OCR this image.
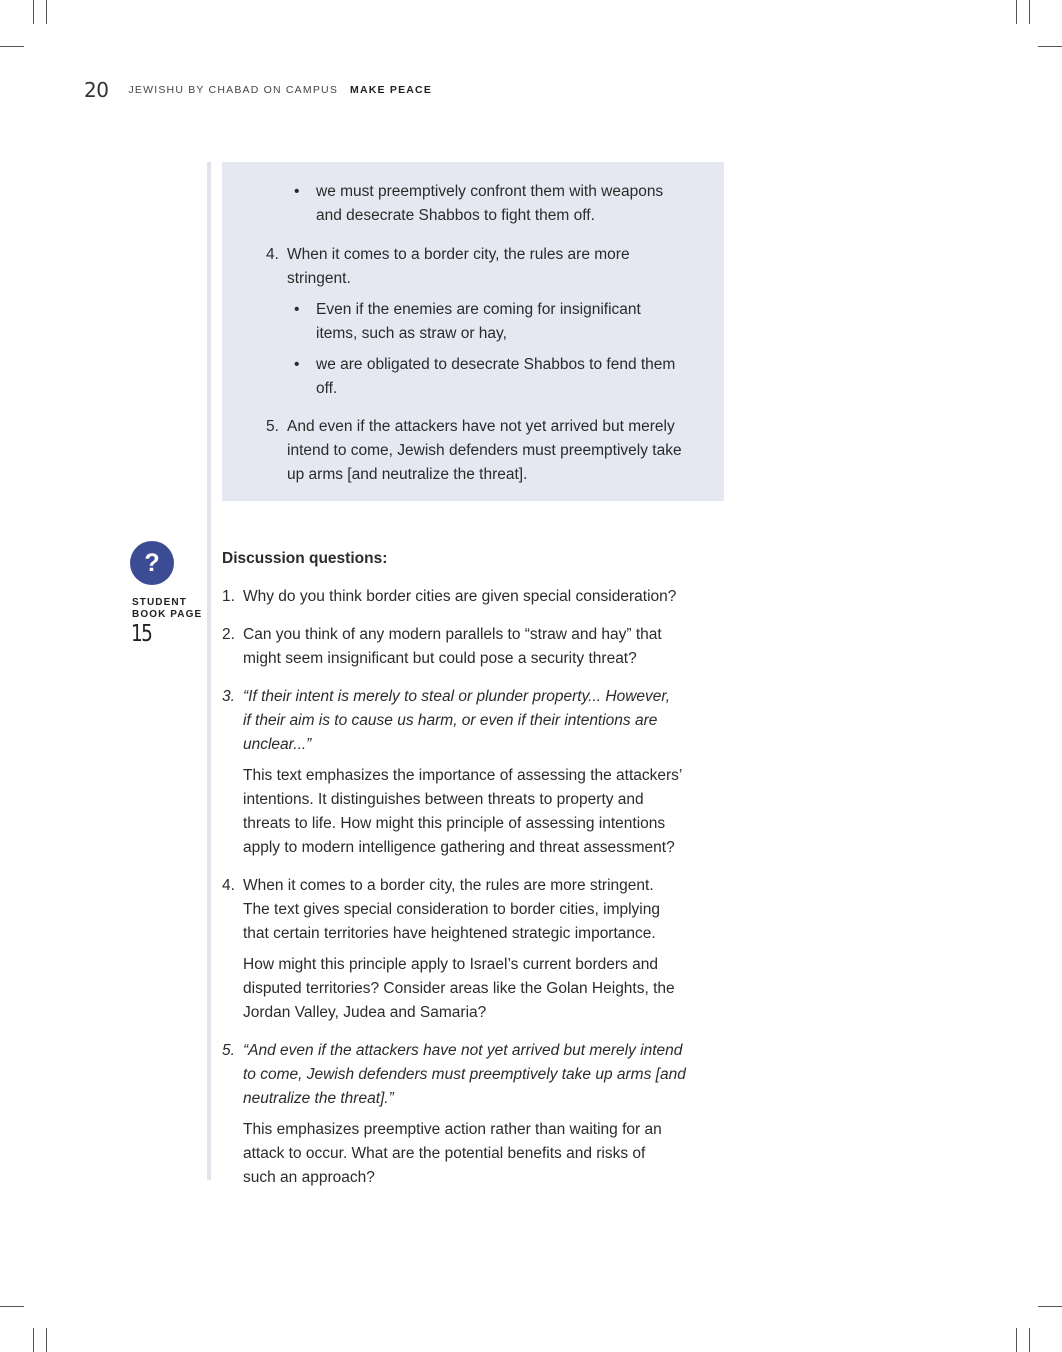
20 JEWISHU BY CHABAD ON CAMPUS MAKE PEACE
• we must preemptively confront them with weapons
and desecrate Shabbos to fight them off.
4. When it comes to a border city, the rules are more
stringent.
• Even if the enemies are coming for insignificant
items, such as straw or hay,
• we are obligated to desecrate Shabbos to fend them
off.
5. And even if the attackers have not yet arrived but merely
intend to come, Jewish defenders must preemptively take
up arms [and neutralize the threat].
?
STUDENT
BOOK PAGE
15

Discussion questions:

1. Why do you think border cities are given special consideration?
2. Can you think of any modern parallels to “straw and hay” that
might seem insignificant but could pose a security threat?
3. “If their intent is merely to steal or plunder property... However,
if their aim is to cause us harm, or even if their intentions are
unclear...”
This text emphasizes the importance of assessing the attackers’
intentions. It distinguishes between threats to property and
threats to life. How might this principle of assessing intentions
apply to modern intelligence gathering and threat assessment?
4. When it comes to a border city, the rules are more stringent.
The text gives special consideration to border cities, implying
that certain territories have heightened strategic importance.
How might this principle apply to Israel’s current borders and
disputed territories? Consider areas like the Golan Heights, the
Jordan Valley, Judea and Samaria?
5. “And even if the attackers have not yet arrived but merely intend
to come, Jewish defenders must preemptively take up arms [and
neutralize the threat].”
This emphasizes preemptive action rather than waiting for an
attack to occur. What are the potential benefits and risks of
such an approach?
